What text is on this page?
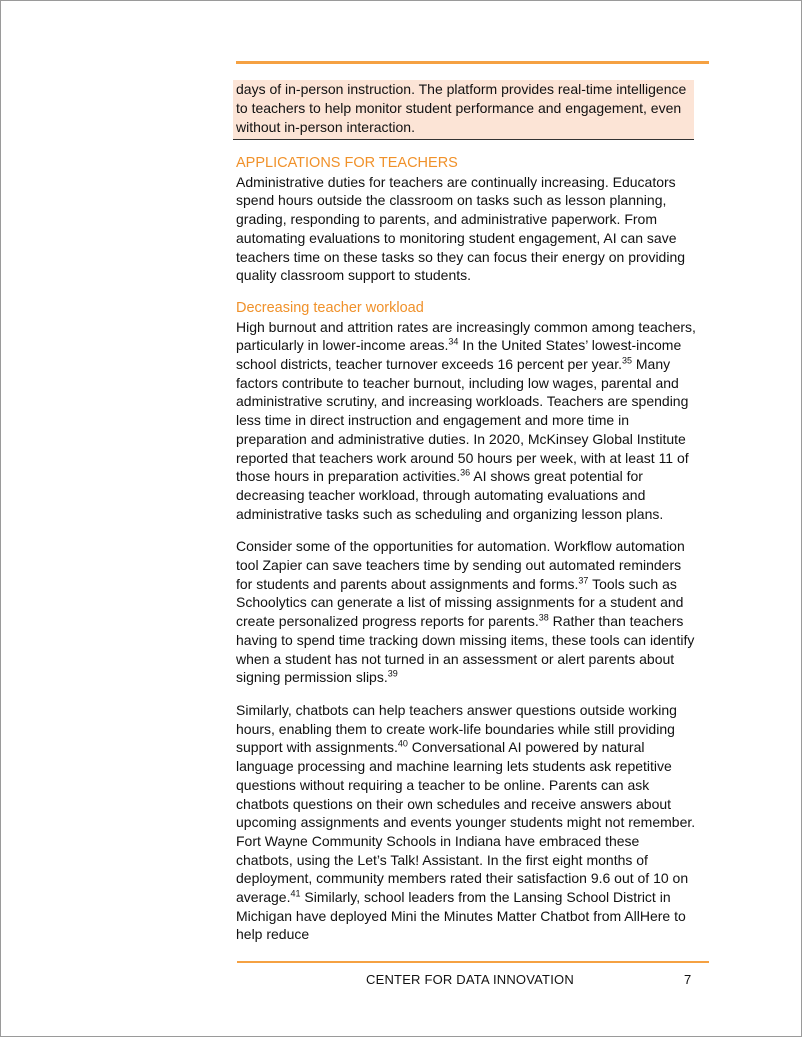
days of in-person instruction. The platform provides real-time intelligence to teachers to help monitor student performance and engagement, even without in-person interaction.
APPLICATIONS FOR TEACHERS

Administrative duties for teachers are continually increasing. Educators spend hours outside the classroom on tasks such as lesson planning, grading, responding to parents, and administrative paperwork. From automating evaluations to monitoring student engagement, AI can save teachers time on these tasks so they can focus their energy on providing quality classroom support to students.

Decreasing teacher workload

High burnout and attrition rates are increasingly common among teachers, particularly in lower-income areas.$^{34}$ In the United States’ lowest-income school districts, teacher turnover exceeds 16 percent per year.$^{35}$ Many factors contribute to teacher burnout, including low wages, parental and administrative scrutiny, and increasing workloads. Teachers are spending less time in direct instruction and engagement and more time in preparation and administrative duties. In 2020, McKinsey Global Institute reported that teachers work around 50 hours per week, with at least 11 of those hours in preparation activities.$^{36}$ AI shows great potential for decreasing teacher workload, through automating evaluations and administrative tasks such as scheduling and organizing lesson plans.

Consider some of the opportunities for automation. Workflow automation tool Zapier can save teachers time by sending out automated reminders for students and parents about assignments and forms.$^{37}$ Tools such as Schoolytics can generate a list of missing assignments for a student and create personalized progress reports for parents.$^{38}$ Rather than teachers having to spend time tracking down missing items, these tools can identify when a student has not turned in an assessment or alert parents about signing permission slips.$^{39}$

Similarly, chatbots can help teachers answer questions outside working hours, enabling them to create work-life boundaries while still providing support with assignments.$^{40}$ Conversational AI powered by natural language processing and machine learning lets students ask repetitive questions without requiring a teacher to be online. Parents can ask chatbots questions on their own schedules and receive answers about upcoming assignments and events younger students might not remember. Fort Wayne Community Schools in Indiana have embraced these chatbots, using the Let’s Talk! Assistant. In the first eight months of deployment, community members rated their satisfaction 9.6 out of 10 on average.$^{41}$ Similarly, school leaders from the Lansing School District in Michigan have deployed Mini the Minutes Matter Chatbot from AllHere to help reduce

CENTER FOR DATA INNOVATION	7
